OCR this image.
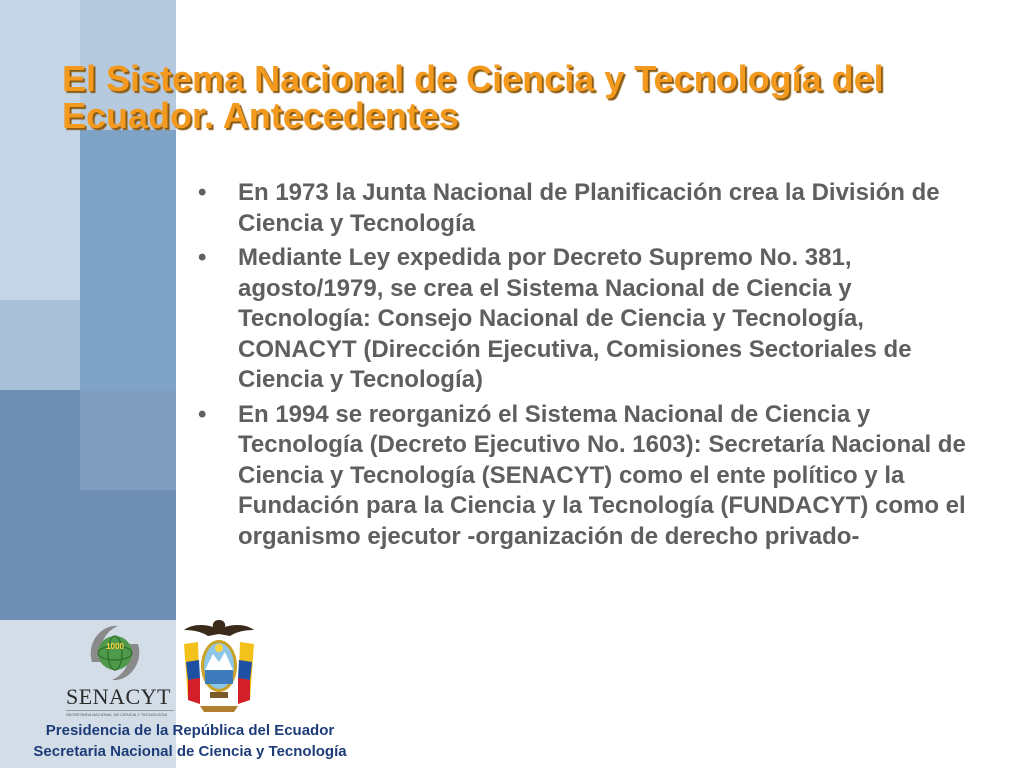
El Sistema Nacional de Ciencia y Tecnología del Ecuador. Antecedentes
• En 1973 la Junta Nacional de Planificación crea la División de Ciencia y Tecnología
• Mediante Ley expedida por Decreto Supremo No. 381, agosto/1979, se crea el Sistema Nacional de Ciencia y Tecnología: Consejo Nacional de Ciencia y Tecnología, CONACYT (Dirección Ejecutiva, Comisiones Sectoriales de Ciencia y Tecnología)
• En 1994 se reorganizó el Sistema Nacional de Ciencia y Tecnología (Decreto Ejecutivo No. 1603): Secretaría Nacional de Ciencia y Tecnología (SENACYT) como el ente político y la Fundación para la Ciencia y la Tecnología (FUNDACYT) como el organismo ejecutor -organización de derecho privado-
1000
SENACYT
SECRETARIA NACIONAL DE CIENCIA Y TECNOLOGIA
Presidencia de la República del Ecuador
Secretaria Nacional de Ciencia y Tecnología
